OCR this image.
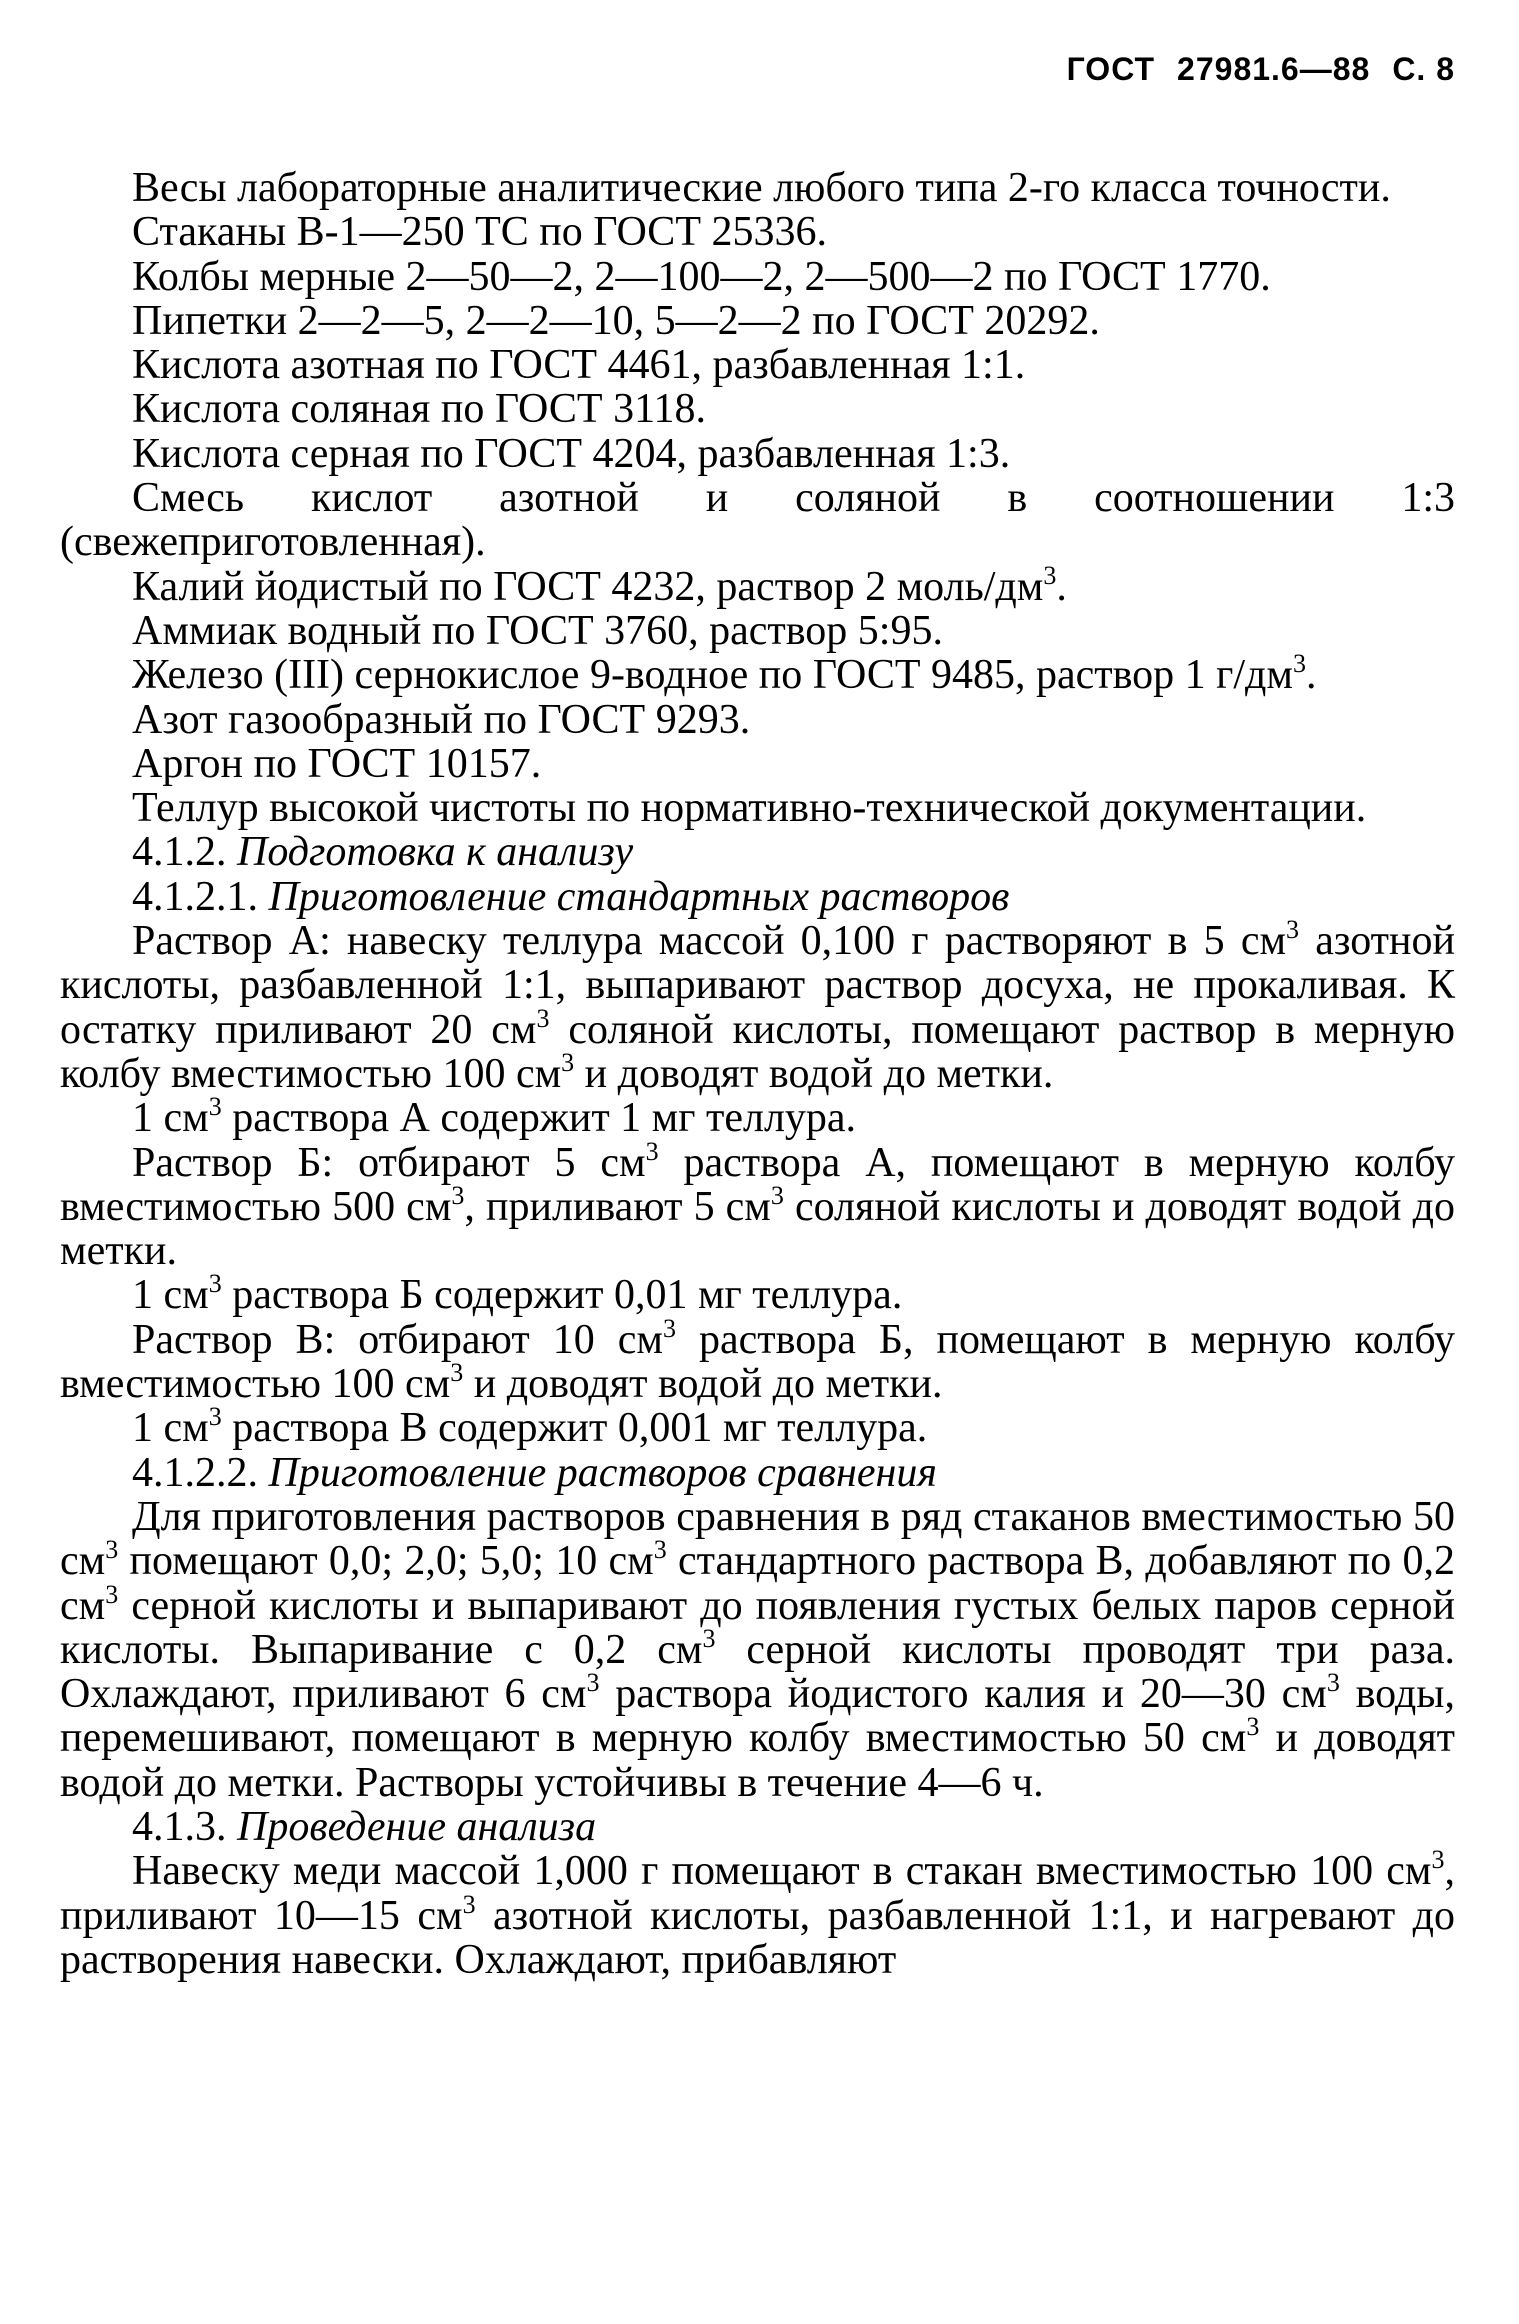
ГОСТ 27981.6—88 С. 8

Весы лабораторные аналитические любого типа 2-го класса точности.

Стаканы В-1—250 ТС по ГОСТ 25336.

Колбы мерные 2—50—2, 2—100—2, 2—500—2 по ГОСТ 1770.

Пипетки 2—2—5, 2—2—10, 5—2—2 по ГОСТ 20292.

Кислота азотная по ГОСТ 4461, разбавленная 1:1.

Кислота соляная по ГОСТ 3118.

Кислота серная по ГОСТ 4204, разбавленная 1:3.

Смесь кислот азотной и соляной в соотношении 1:3 (свежеприготовленная).

Калий йодистый по ГОСТ 4232, раствор 2 моль/$дм^3$.

Аммиак водный по ГОСТ 3760, раствор 5:95.

Железо (III) сернокислое 9-водное по ГОСТ 9485, раствор 1 $г/дм^3$.

Азот газообразный по ГОСТ 9293.

Аргон по ГОСТ 10157.

Теллур высокой чистоты по нормативно-технической документации.

4.1.2. Подготовка к анализу

4.1.2.1. Приготовление стандартных растворов

Раствор А: навеску теллура массой 0,100 г растворяют в 5 $см^3$ азотной кислоты, разбавленной 1:1, выпаривают раствор досуха, не прокаливая. К остатку приливают 20 $см^3$ соляной кислоты, помещают раствор в мерную колбу вместимостью 100 $см^3$ и доводят водой до метки.

1 $см^3$ раствора А содержит 1 мг теллура.

Раствор Б: отбирают 5 $см^3$ раствора А, помещают в мерную колбу вместимостью 500 $см^3$, приливают 5 $см^3$ соляной кислоты и доводят водой до метки.

1 $см^3$ раствора Б содержит 0,01 мг теллура.

Раствор В: отбирают 10 $см^3$ раствора Б, помещают в мерную колбу вместимостью 100 $см^3$ и доводят водой до метки.

1 $см^3$ раствора В содержит 0,001 мг теллура.

4.1.2.2. Приготовление растворов сравнения

Для приготовления растворов сравнения в ряд стаканов вместимостью 50 $см^3$ помещают 0,0; 2,0; 5,0; 10 $см^3$ стандартного раствора В, добавляют по 0,2 $см^3$ серной кислоты и выпаривают до появления густых белых паров серной кислоты. Выпаривание с 0,2 $см^3$ серной кислоты проводят три раза. Охлаждают, приливают 6 $см^3$ раствора йодистого калия и 20—30 $см^3$ воды, перемешивают, помещают в мерную колбу вместимостью 50 $см^3$ и доводят водой до метки. Растворы устойчивы в течение 4—6 ч.

4.1.3. Проведение анализа

Навеску меди массой 1,000 г помещают в стакан вместимостью 100 $см^3$, приливают 10—15 $см^3$ азотной кислоты, разбавленной 1:1, и нагревают до растворения навески. Охлаждают, прибавляют
